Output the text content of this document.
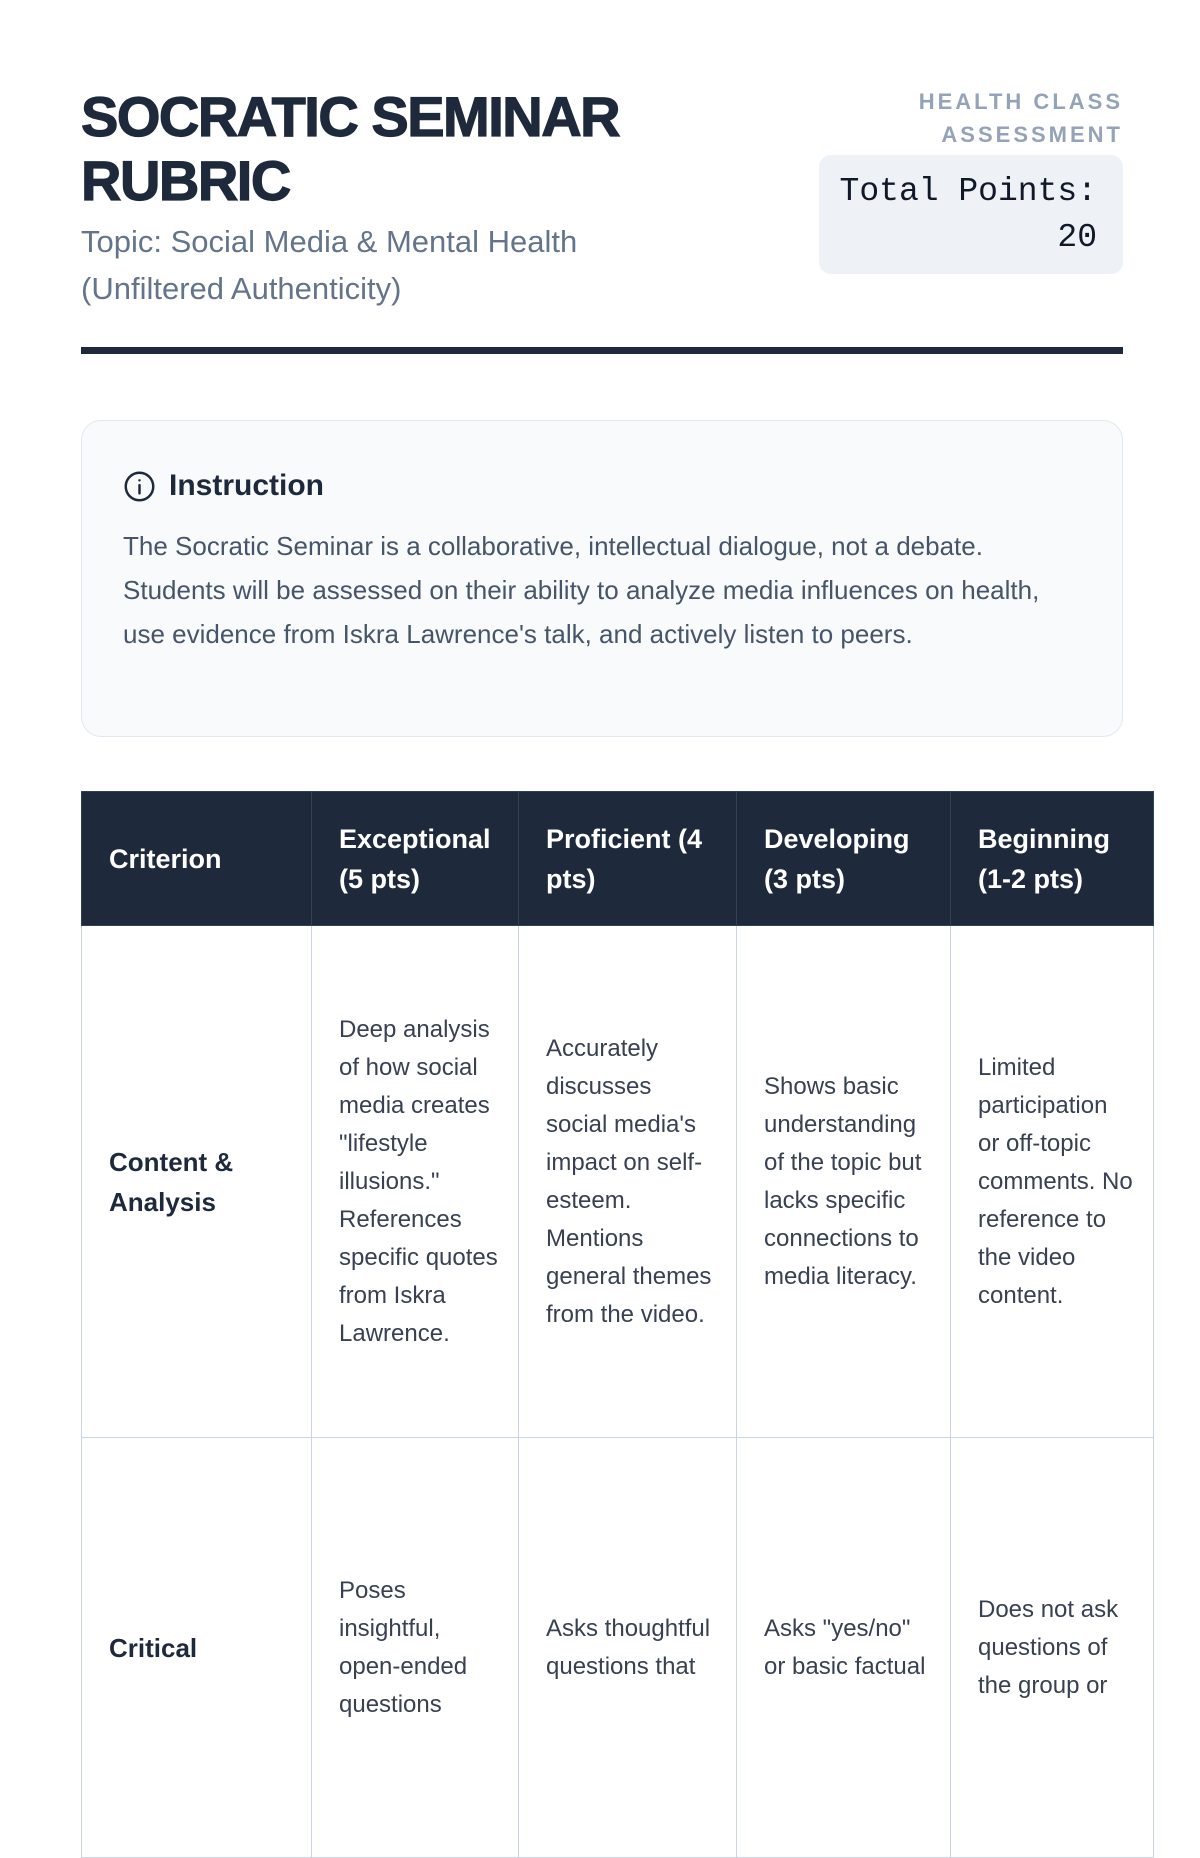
SOCRATIC SEMINAR RUBRIC
Topic: Social Media & Mental Health (Unfiltered Authenticity)
HEALTH CLASS ASSESSMENT
Total Points: 20
Instruction

The Socratic Seminar is a collaborative, intellectual dialogue, not a debate. Students will be assessed on their ability to analyze media influences on health, use evidence from Iskra Lawrence's talk, and actively listen to peers.

Criterion	Exceptional (5 pts)	Proficient (4 pts)	Developing (3 pts)	Beginning (1-2 pts)
Content & Analysis	Deep analysis of how social media creates "lifestyle illusions." References specific quotes from Iskra Lawrence.	Accurately discusses social media's impact on self-esteem. Mentions general themes from the video.	Shows basic understanding of the topic but lacks specific connections to media literacy.	Limited participation or off-topic comments. No reference to the video content.
Critical	Poses insightful, open-ended questions	Asks thoughtful questions that	Asks "yes/no" or basic factual	Does not ask questions of the group or
